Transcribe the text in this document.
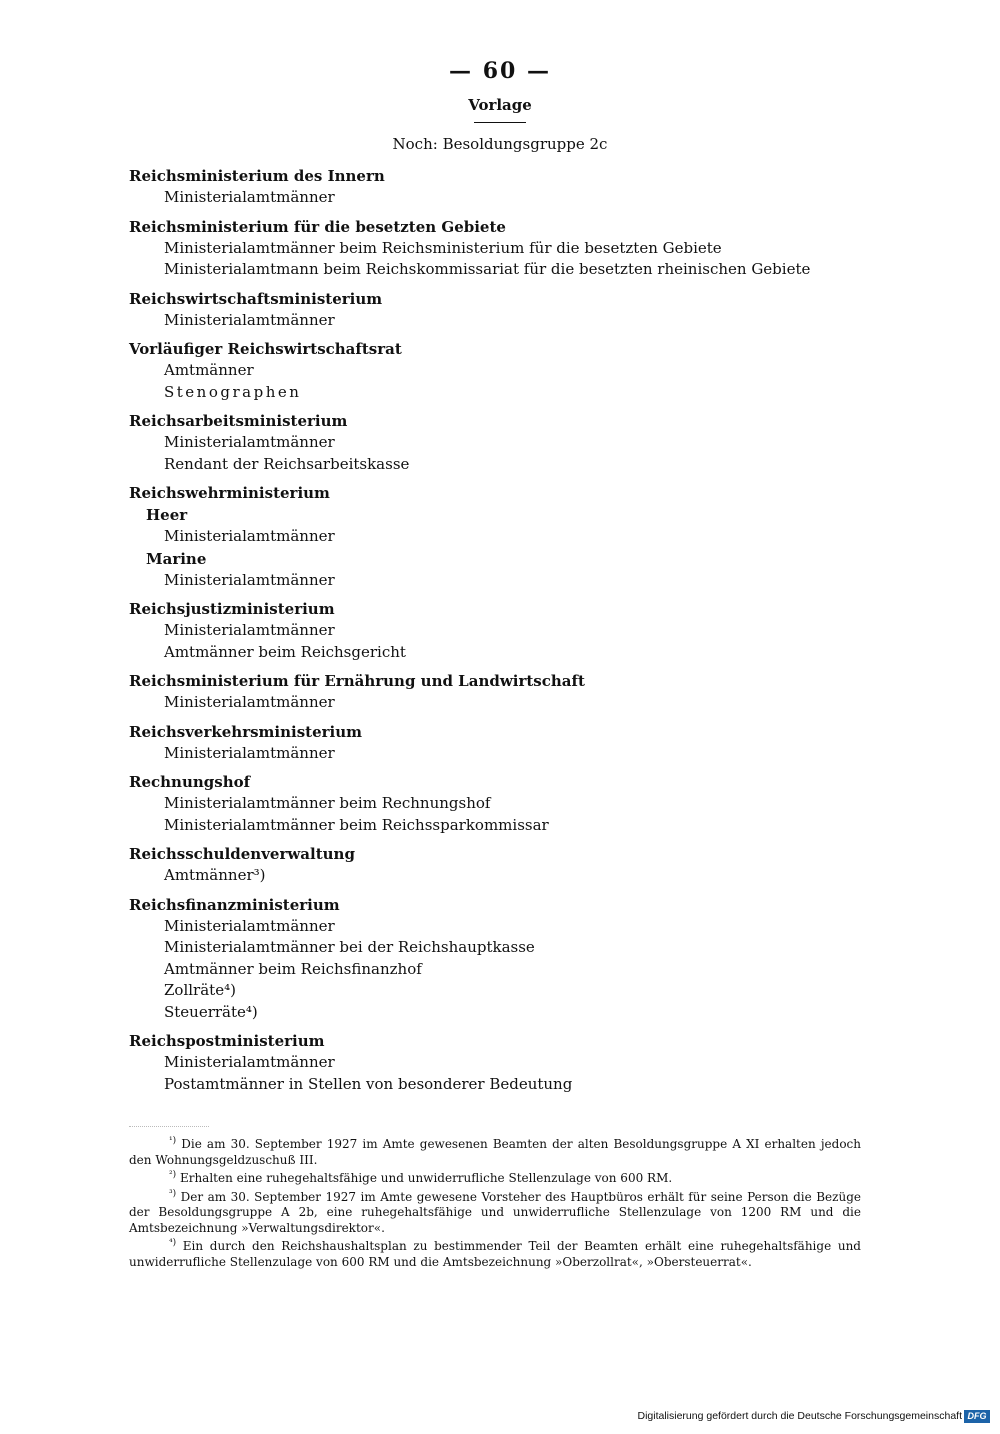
— 60 —
Vorlage
Noch: Besoldungsgruppe 2c
Reichsministerium des Innern
Ministerialamtmänner
Reichsministerium für die besetzten Gebiete
Ministerialamtmänner beim Reichsministerium für die besetzten Gebiete
Ministerialamtmann beim Reichskommissariat für die besetzten rheinischen Gebiete
Reichswirtschaftsministerium
Ministerialamtmänner
Vorläufiger Reichswirtschaftsrat
Amtmänner
Stenographen
Reichsarbeitsministerium
Ministerialamtmänner
Rendant der Reichsarbeitskasse
Reichswehrministerium
Heer
Ministerialamtmänner
Marine
Ministerialamtmänner
Reichsjustizministerium
Ministerialamtmänner
Amtmänner beim Reichsgericht
Reichsministerium für Ernährung und Landwirtschaft
Ministerialamtmänner
Reichsverkehrsministerium
Ministerialamtmänner
Rechnungshof
Ministerialamtmänner beim Rechnungshof
Ministerialamtmänner beim Reichssparkommissar
Reichsschuldenverwaltung
Amtmänner³)
Reichsfinanzministerium
Ministerialamtmänner
Ministerialamtmänner bei der Reichshauptkasse
Amtmänner beim Reichsfinanzhof
Zollräte⁴)
Steuerräte⁴)
Reichspostministerium
Ministerialamtmänner
Postamtmänner in Stellen von besonderer Bedeutung
$^{^1)}$ Die am 30. September 1927 im Amte gewesenen Beamten der alten Besoldungsgruppe A XI erhalten jedoch den Wohnungsgeldzuschuß III.
$^{^2)}$ Erhalten eine ruhegehaltsfähige und unwiderrufliche Stellenzulage von 600 RM.
$^{^3)}$ Der am 30. September 1927 im Amte gewesene Vorsteher des Hauptbüros erhält für seine Person die Bezüge der Besoldungsgruppe A 2b, eine ruhegehaltsfähige und unwiderrufliche Stellenzulage von 1200 RM und die Amtsbezeichnung »Verwaltungsdirektor«.
$^{^4)}$ Ein durch den Reichshaushaltsplan zu bestimmender Teil der Beamten erhält eine ruhegehaltsfähige und unwiderrufliche Stellenzulage von 600 RM und die Amtsbezeichnung »Oberzollrat«, »Obersteuerrat«.
Digitalisierung gefördert durch die Deutsche Forschungsgemeinschaft DFG
